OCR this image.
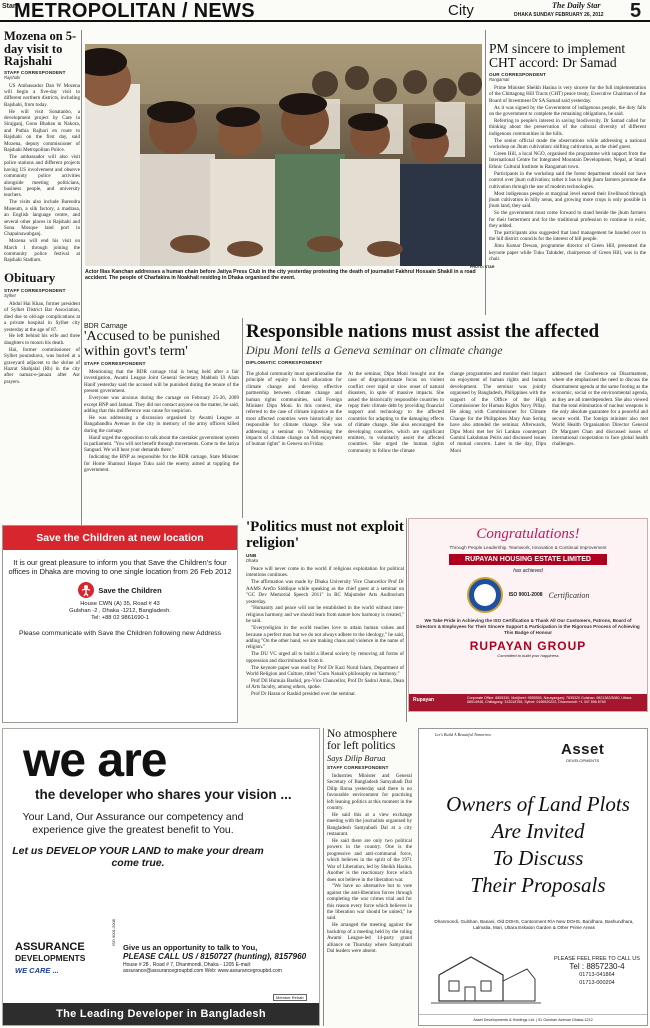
Star
METROPOLITAN / NEWS	City	The Daily Star
DHAKA SUNDAY FEBRUARY 26, 2012 5
Mozena on 5-day visit to Rajshahi
STAFF CORRESPONDENT
Rajshahi

US Ambassador Dan W Mozena will begin a five-day visit to different northern districts, including Rajshahi, from today.

He will visit Sonatanbo, a development project by Care in Sirajganj, Gono Bhaban in Nakora, and Puthia Rajbari en route to Rajshahi on the first day, said Mozena, deputy commissioner of Rajshahi Metropolitan Police.

The ambassador will also visit police stations and different projects having US involvement and observe community police activities alongside meeting politicians, business people, and university teachers.

The visits also include Barendra Museum, a silk factory, a madrasa, an English language centre, and several other places in Rajshahi and Sona Mosque land port in Chapainawabganj.

Mozena will end his visit on March 1 through joining the community police festival at Rajshahi Stadium.

Obituary
STAFF CORRESPONDENT
Sylhet

Abdul Hai Khan, former president of Sylhet District Bar Association, died due to old-age complications at a private hospital in Sylhet city yesterday at the age of 87.

He left behind his wife and three daughters to mourn his death.

Hai, former commissioner of Sylhet pourashava, was buried at a graveyard adjacent to the shrine of Hazrat Shahjalal (Rh) in the city after namaz-e-janaza after Asr prayers.

PHOTO: STAR
Actor Ilias Kanchan addresses a human chain before Jatiya Press Club in the city yesterday protesting the death of journalist Fakhrul Hossain Shakil in a road accident. The people of Charfakira in Noakhali residing in Dhaka organised the event.
PM sincere to implement CHT accord: Dr Samad
OUR CORRESPONDENT
Rangamati

Prime Minister Sheikh Hasina is very sincere for the full implementation of the Chittagong Hill Tracts (CHT) peace treaty, Executive Chairman of the Board of Investment Dr SA Samad said yesterday.

As it was signed by the Government of indigenous people, the duty falls on the government to complete the remaining obligations, he said.

Referring to people's interest in saving biodiversity, Dr Samad called for thinking about the preservation of the cultural diversity of different indigenous communities in the hills.

The senior official made the observations while addressing a national workshop on Jhum cultivation: shifting cultivation, as the chief guest.

Green Hill, a local NGO, organised the programme with support from the International Centre for Integrated Mountain Development, Nepal, at Small Ethnic Cultural Institute in Rangamati town.

Participants in the workshop said the forest department should not have control over jhum cultivation; rather it has to help jhum farmers promote the cultivation through the use of modern technologies.

Most indigenous people at marginal level earned their livelihood through jhum cultivation in hilly areas, and growing more crops is only possible in jhum land, they said.

So the government must come forward to stand beside the jhum farmers for their betterment and for the traditional profession to continue to exist, they added.

The participants also suggested that land management be handed over to the hill district councils for the interest of hill people.

Jimu Kumar Dewan, programme director of Green Hill, presented the keynote paper while Tuku Talukder, chairperson of Green Hill, was in the chair.

BDR Carnage
'Accused to be punished within govt's term'
STAFF CORRESPONDENT

Mentioning that the BDR carnage trial is being held after a fair investigation, Awami League Joint General Secretary Mahbub Ul Alam Hanif yesterday said the accused will be punished during the tenure of the present government.

Everyone was anxious during the carnage on February 25-26, 2009 except BNP and Jamaat. They did not contact anyone on the matter, he said, adding that this indifference was cause for suspicion.

He was addressing a discussion organised by Awami League at Bangabandhu Avenue in the city in memory of the army officers killed during the carnage.

Hanif urged the opposition to talk about the caretaker government system in parliament. "You will not benefit through movements. Come to the Jatiya Sangsad. We will hear your demands there."

Indicating the BNP as responsible for the BDR carnage, State Minister for Home Shamsul Haque Tuku said the enemy aimed at toppling the government.

Responsible nations must assist the affected
Dipu Moni tells a Geneva seminar on climate change
DIPLOMATIC CORRESPONDENT
The global community must operationalise the principle of equity in fund allocation for climate change and develop effective partnership between climate change and human rights communities, said Foreign Minister Dipu Moni. In this context, she referred to the case of climate injustice as the most affected countries were historically not responsible for climate change. She was addressing a seminar on "Addressing the impacts of climate change on full enjoyment of human rights" in Geneva on Friday.
At the seminar, Dipu Moni brought out the case of disproportionate focus on violent conflict over rapid or slow onset of natural disasters, in spite of massive impacts. She asked the historically responsible countries to repay their climate debt by providing financial support and technology to the affected countries for adapting to the damaging effects of climate change. She also encouraged the developing countries, which are significant emitters, to voluntarily assist the affected countries. She urged the human rights community to follow the climate
change programmes and monitor their impact on enjoyment of human rights and human development. The seminar was jointly organised by Bangladesh, Philippines with the support of the Office of the High Commissioner for Human Rights Navy Pillay. He along with Commissioner for Climate Change for the Philippines Mary Ann Sering have also attended the seminar. Afterwards, Dipu Moni met her Sri Lankan counterpart Gamini Lakshman Peiris and discussed issues of mutual concern. Later in the day, Dipu Moni
addressed the Conference on Disarmament, where she emphasised the need to discuss the disarmament agenda at the same footing as the economic, social or the environmental agenda, as they are all interdependent. She also viewed that the total elimination of nuclear weapons is the only absolute guarantee for a peaceful and secure world. The foreign minister also met World Health Organisation Director General Dr Margaret Chan and discussed issues of international cooperation to face global health challenges.
Save the Children at new location
It is our great pleasure to inform you that Save the Children's four offices in Dhaka are moving to one single location from 26 Feb 2012
Save the Children
House CWN (A) 35, Road # 43
Gulshan -2 , Dhaka -1212, Bangladesh.
Tel: +88 02 9861690-1
Please communicate with Save the Children following new Address
'Politics must not exploit religion'
UNB
Dhaka

Peace will never come in the world if religious exploitation for political intentions continues.

The affirmation was made by Dhaka University Vice Chancellor Prof Dr AAMS Arefin Siddique while speaking as the chief guest at a seminar on "GC Dev Memorial Speech 2011" in RC Majumder Arts Auditorium yesterday.

"Humanity and peace will not be established in the world without inter-religious harmony and we should learn from nature how harmony is created," he said.

"Everyreligion in the world teaches love to attain human values and because a perfect man but we do not always adhere to the ideology," he said, adding "On the other hand, we are making chaos and violence in the name of religion."

The DU VC urged all to build a liberal society by removing all forms of oppression and discrimination from it.

The keynote paper was read by Prof Dr Kazi Nurul Islam, Department of World Religion and Culture, titled "Guru Nanak's philosophy on harmony."

Prof Dil Humuia Bashid, pro-Vice Chancellor, Prof Dr Sadrul Amin, Dean of Arts faculty, among others, spoke.

Prof Dr Haran or Rashid presided over the seminar.

Congratulations!
Through People Leadership, Teamwork, Innovation & Continual Improvement
RUPAYAN HOUSING ESTATE LIMITED
has achieved
ISO 9001-2008 Certification
We Take Pride in Achieving the ISO Certification & Thank All Our Customers, Patrons, Board of Directors & Employees for Their Sincere Support & Participation in the Rigorous Process of Achieving This Badge of Honour
RUPAYAN GROUP
Committed to build your happiness
Rupayan	Corporate Office: 8855330, Motijheel: 9555555, Narayanganj: 7635320 Gulshan: 9821382/5080, Uttara: 58914948, Chittagong: 313018765, Sylhet: 0156520222, Dhanmondi: +1 347 896 6760
we are
the developer who shares your vision ...
Your Land, Our Assurance our competency and experience give the greatest benefit to You.
Let us DEVELOP YOUR LAND to make your dream come true.
ASSURANCE
DEVELOPMENTS
WE CARE ...
ISO 9001:2008
Give us an opportunity to talk to You,
PLEASE CALL US / 8150727 (hunting), 8157960
House # 28 , Road # 7, Dhanmondi, Dhaka - 1205 E-mail: assurance@assurancegroupbd.com Web: www.assurancegroupbd.com
Member Rehab
The Leading Developer in Bangladesh
No atmosphere for left politics
Says Dilip Barua
STAFF CORRESPONDENT

Industries Minister and General Secretary of Bangladesh Samyabadi Dal Dilip Barua yesterday said there is no favourable environment for practising left leaning politics at this moment in the country.

He said this at a view exchange meeting with the journalists organised by Bangladesh Samyabadi Dal at a city restaurant.

He said there are only two political powers in the country. One is the progressive and anti-communal force, which believes in the spirit of the 1971 War of Liberation, led by Sheikh Hasina. Another is the reactionary force which does not believe in the liberation war.

"We have no alternative but to vote against the anti-liberation forces through completing the war crimes trial and for this reason every force which believes in the liberation war should be united," he said.

He arranged the meeting against the backdrop of a meeting held by the ruling Awami League-led 14-party grand alliance on Thursday where Samyabadi Dal leaders were absent.

Let's Build A Beautiful Tomorrow
Asset
DEVELOPMENTS
Owners of Land Plots
Are Invited
To Discuss
Their Proposals
Dhanmondi, Gulshan, Banani, Old DOHS, Cantonment R/A New DOHS, Baridhara, Bashundhara, Lalmatia, Mari, Uttara Eskaton Garden & Other Prime Areas
PLEASE FEEL FREE TO CALL US
Tel : 8857230-4
01713-041864
01713-000204
Asset Developments & Holdings Ltd. | 91 Gulshan Avenue Dhaka-1212
